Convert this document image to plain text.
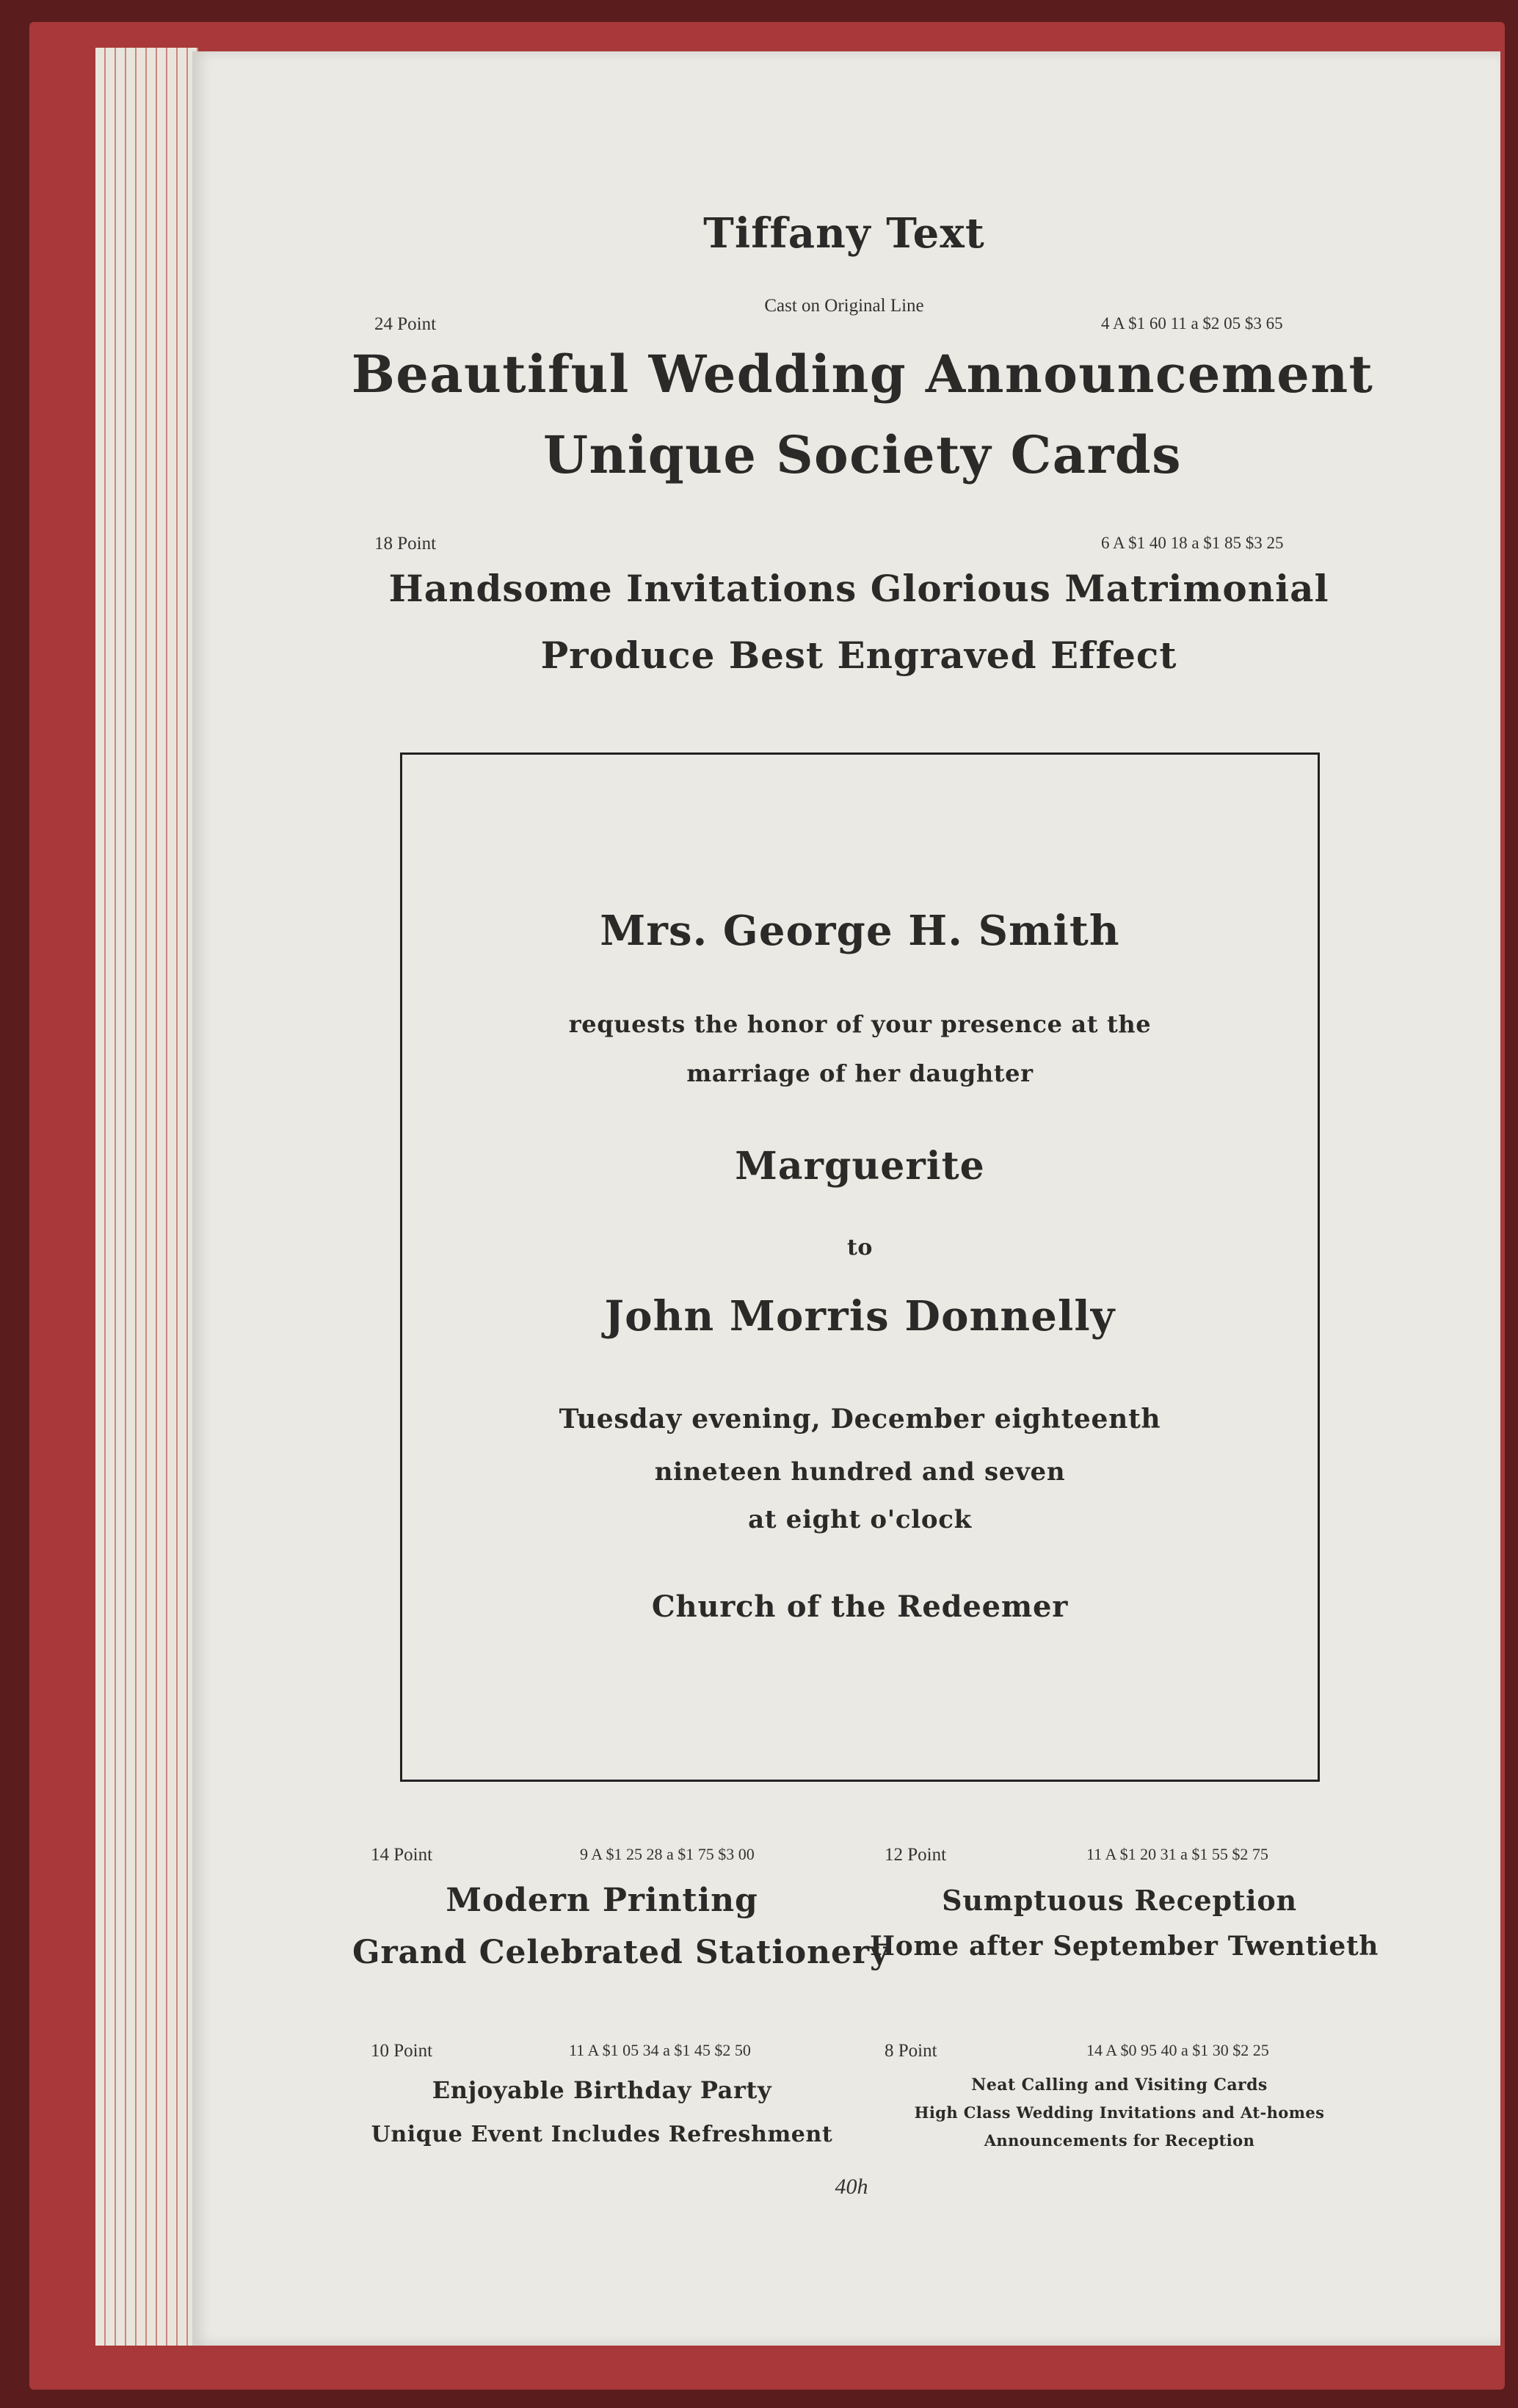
Tiffany Text
Cast on Original Line
24 Point	4 A $1 60 11 a $2 05 $3 65
Beautiful Wedding Announcement
Unique Society Cards
18 Point	6 A $1 40 18 a $1 85 $3 25
Handsome Invitations Glorious Matrimonial
Produce Best Engraved Effect
Mrs. George H. Smith
requests the honor of your presence at the
marriage of her daughter
Marguerite
to
John Morris Donnelly
Tuesday evening, December eighteenth
nineteen hundred and seven
at eight o'clock
Church of the Redeemer
14 Point	9 A $1 25 28 a $1 75 $3 00
Modern Printing
Grand Celebrated Stationery
12 Point	11 A $1 20 31 a $1 55 $2 75
Sumptuous Reception
Home after September Twentieth
10 Point	11 A $1 05 34 a $1 45 $2 50
Enjoyable Birthday Party
Unique Event Includes Refreshment
8 Point	14 A $0 95 40 a $1 30 $2 25
Neat Calling and Visiting Cards
High Class Wedding Invitations and At-homes
Announcements for Reception
40h
